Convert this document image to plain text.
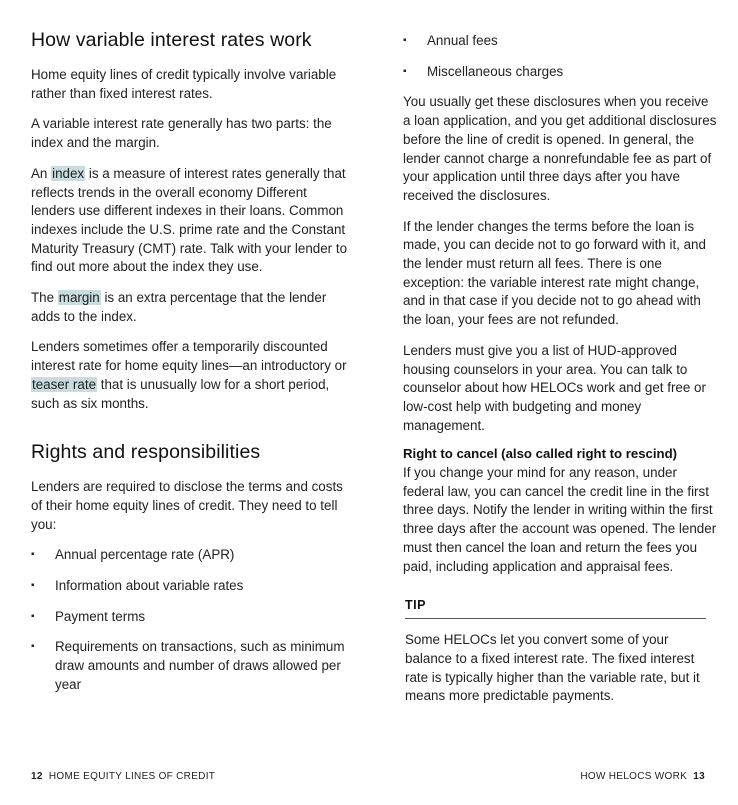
How variable interest rates work

Home equity lines of credit typically involve variable rather than fixed interest rates.

A variable interest rate generally has two parts: the index and the margin.

An index is a measure of interest rates generally that reflects trends in the overall economy Different lenders use different indexes in their loans. Common indexes include the U.S. prime rate and the Constant Maturity Treasury (CMT) rate. Talk with your lender to find out more about the index they use.

The margin is an extra percentage that the lender adds to the index.

Lenders sometimes offer a temporarily discounted interest rate for home equity lines—an introductory or teaser rate that is unusually low for a short period, such as six months.

Rights and responsibilities

Lenders are required to disclose the terms and costs of their home equity lines of credit. They need to tell you:

▪ Annual percentage rate (APR)
▪ Information about variable rates
▪ Payment terms
▪ Requirements on transactions, such as minimum draw amounts and number of draws allowed per year
▪ Annual fees
▪ Miscellaneous charges

You usually get these disclosures when you receive a loan application, and you get additional disclosures before the line of credit is opened. In general, the lender cannot charge a nonrefundable fee as part of your application until three days after you have received the disclosures.

If the lender changes the terms before the loan is made, you can decide not to go forward with it, and the lender must return all fees. There is one exception: the variable interest rate might change, and in that case if you decide not to go ahead with the loan, your fees are not refunded.

Lenders must give you a list of HUD-approved housing counselors in your area. You can talk to counselor about how HELOCs work and get free or low-cost help with budgeting and money management.

Right to cancel (also called right to rescind)

If you change your mind for any reason, under federal law, you can cancel the credit line in the first three days. Notify the lender in writing within the first three days after the account was opened. The lender must then cancel the loan and return the fees you paid, including application and appraisal fees.

TIP

Some HELOCs let you convert some of your balance to a fixed interest rate. The fixed interest rate is typically higher than the variable rate, but it means more predictable payments.

12 HOME EQUITY LINES OF CREDIT	HOW HELOCS WORK 13
